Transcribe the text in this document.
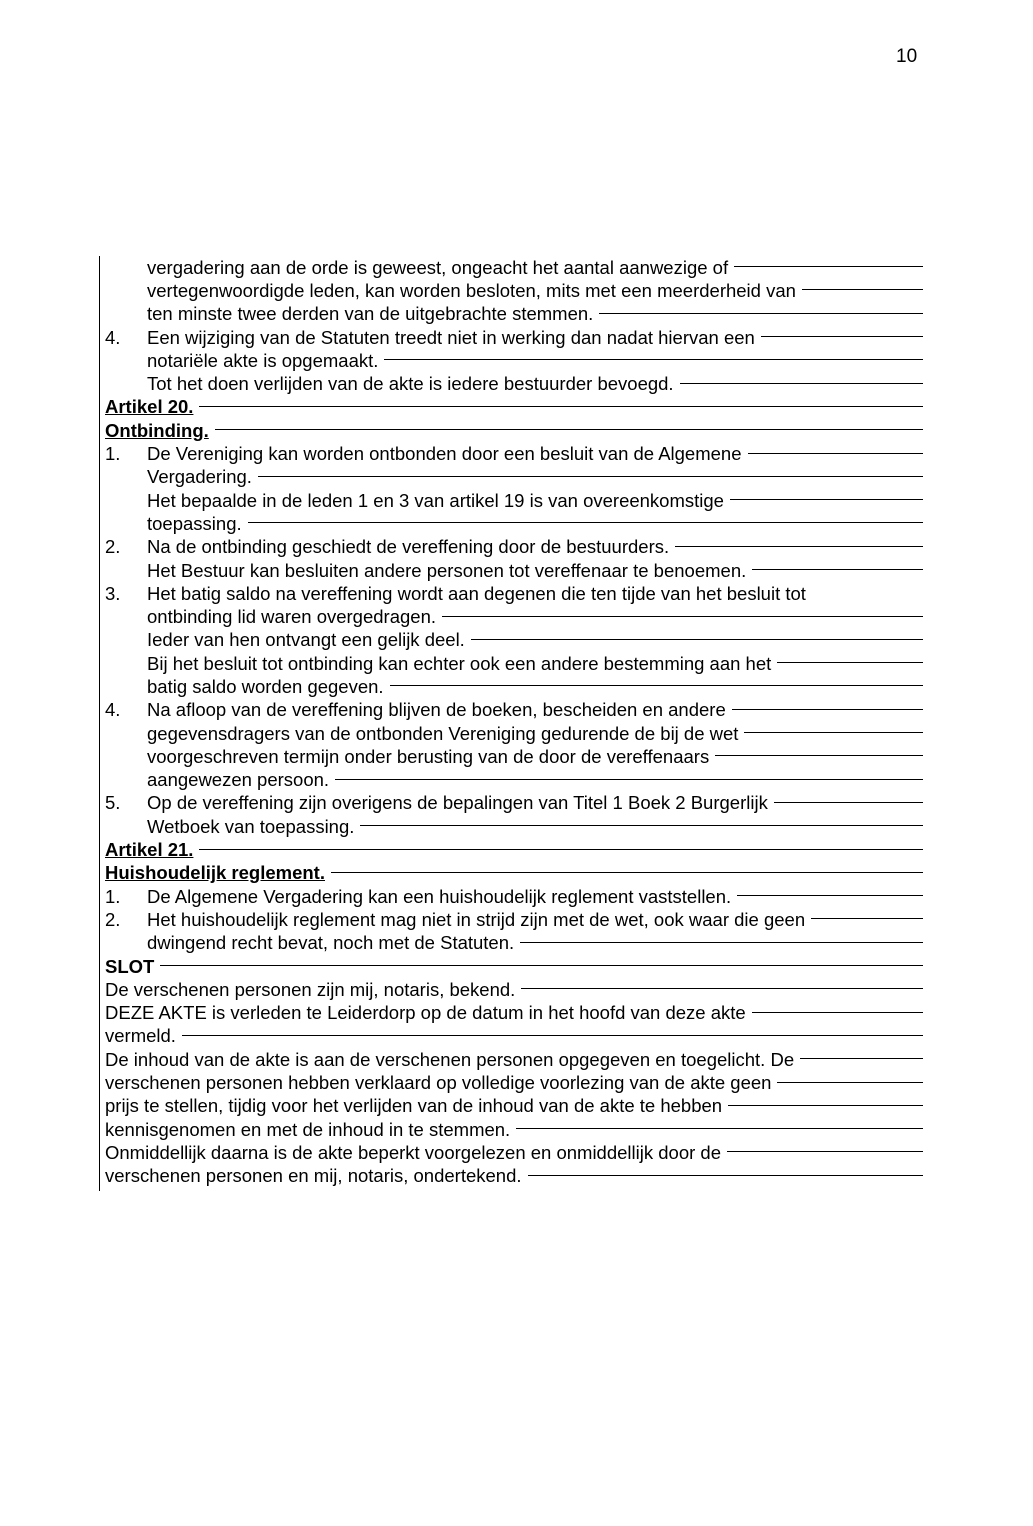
10
vergadering aan de orde is geweest, ongeacht het aantal aanwezige of
vertegenwoordigde leden, kan worden besloten, mits met een meerderheid van
ten minste twee derden van de uitgebrachte stemmen.
4.	Een wijziging van de Statuten treedt niet in werking dan nadat hiervan een
notariële akte is opgemaakt.
Tot het doen verlijden van de akte is iedere bestuurder bevoegd.
Artikel 20.
Ontbinding.
1.	De Vereniging kan worden ontbonden door een besluit van de Algemene
Vergadering.
Het bepaalde in de leden 1 en 3 van artikel 19 is van overeenkomstige
toepassing.
2.	Na de ontbinding geschiedt de vereffening door de bestuurders.
Het Bestuur kan besluiten andere personen tot vereffenaar te benoemen.
3.	Het batig saldo na vereffening wordt aan degenen die ten tijde van het besluit tot
ontbinding lid waren overgedragen.
Ieder van hen ontvangt een gelijk deel.
Bij het besluit tot ontbinding kan echter ook een andere bestemming aan het
batig saldo worden gegeven.
4.	Na afloop van de vereffening blijven de boeken, bescheiden en andere
gegevensdragers van de ontbonden Vereniging gedurende de bij de wet
voorgeschreven termijn onder berusting van de door de vereffenaars
aangewezen persoon.
5.	Op de vereffening zijn overigens de bepalingen van Titel 1 Boek 2 Burgerlijk
Wetboek van toepassing.
Artikel 21.
Huishoudelijk reglement.
1.	De Algemene Vergadering kan een huishoudelijk reglement vaststellen.
2.	Het huishoudelijk reglement mag niet in strijd zijn met de wet, ook waar die geen
dwingend recht bevat, noch met de Statuten.
SLOT
De verschenen personen zijn mij, notaris, bekend.
DEZE AKTE is verleden te Leiderdorp op de datum in het hoofd van deze akte
vermeld.
De inhoud van de akte is aan de verschenen personen opgegeven en toegelicht. De
verschenen personen hebben verklaard op volledige voorlezing van de akte geen
prijs te stellen, tijdig voor het verlijden van de inhoud van de akte te hebben
kennisgenomen en met de inhoud in te stemmen.
Onmiddellijk daarna is de akte beperkt voorgelezen en onmiddellijk door de
verschenen personen en mij, notaris, ondertekend.
